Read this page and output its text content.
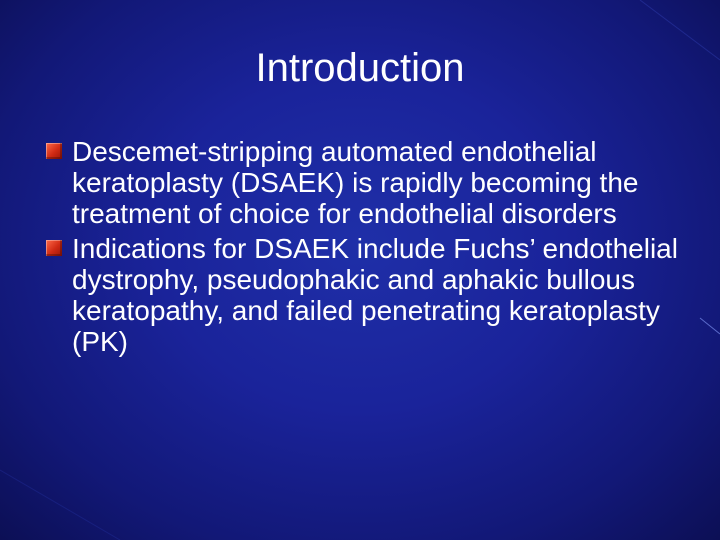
Introduction
Descemet-stripping automated endothelial keratoplasty (DSAEK) is rapidly becoming the treatment of choice for endothelial disorders
Indications for DSAEK include Fuchs’ endothelial dystrophy, pseudophakic and aphakic bullous keratopathy, and failed penetrating keratoplasty (PK)
